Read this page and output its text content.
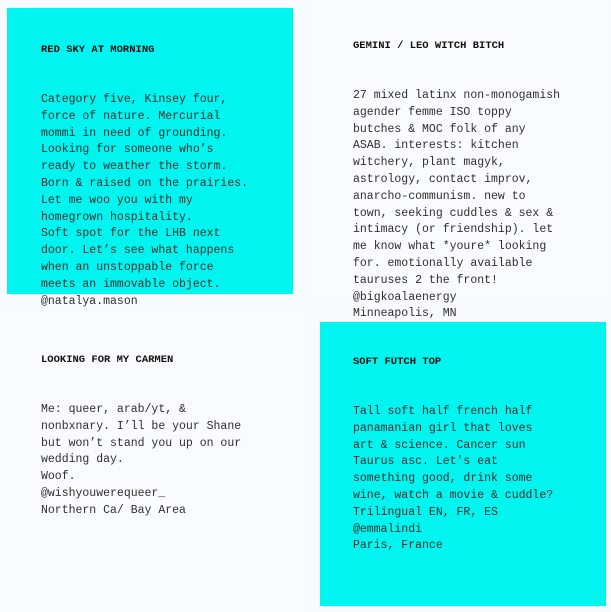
RED SKY AT MORNING

Category five, Kinsey four,
force of nature. Mercurial
mommi in need of grounding.
Looking for someone who’s
ready to weather the storm.
Born & raised on the prairies.
Let me woo you with my
homegrown hospitality.
Soft spot for the LHB next
door. Let’s see what happens
when an unstoppable force
meets an immovable object.
@natalya.mason

GEMINI / LEO WITCH BITCH

27 mixed latinx non-monogamish
agender femme ISO toppy
butches & MOC folk of any
ASAB. interests: kitchen
witchery, plant magyk,
astrology, contact improv,
anarcho-communism. new to
town, seeking cuddles & sex &
intimacy (or friendship). let
me know what *youre* looking
for. emotionally available
tauruses 2 the front!
@bigkoalaenergy
Minneapolis, MN

LOOKING FOR MY CARMEN

Me: queer, arab/yt, &
nonbxnary. I’ll be your Shane
but won’t stand you up on our
wedding day.
Woof.
@wishyouwerequeer_
Northern Ca/ Bay Area

SOFT FUTCH TOP

Tall soft half french half
panamanian girl that loves
art & science. Cancer sun
Taurus asc. Let's eat
something good, drink some
wine, watch a movie & cuddle?
Trilingual EN, FR, ES
@emmalindi
Paris, France
